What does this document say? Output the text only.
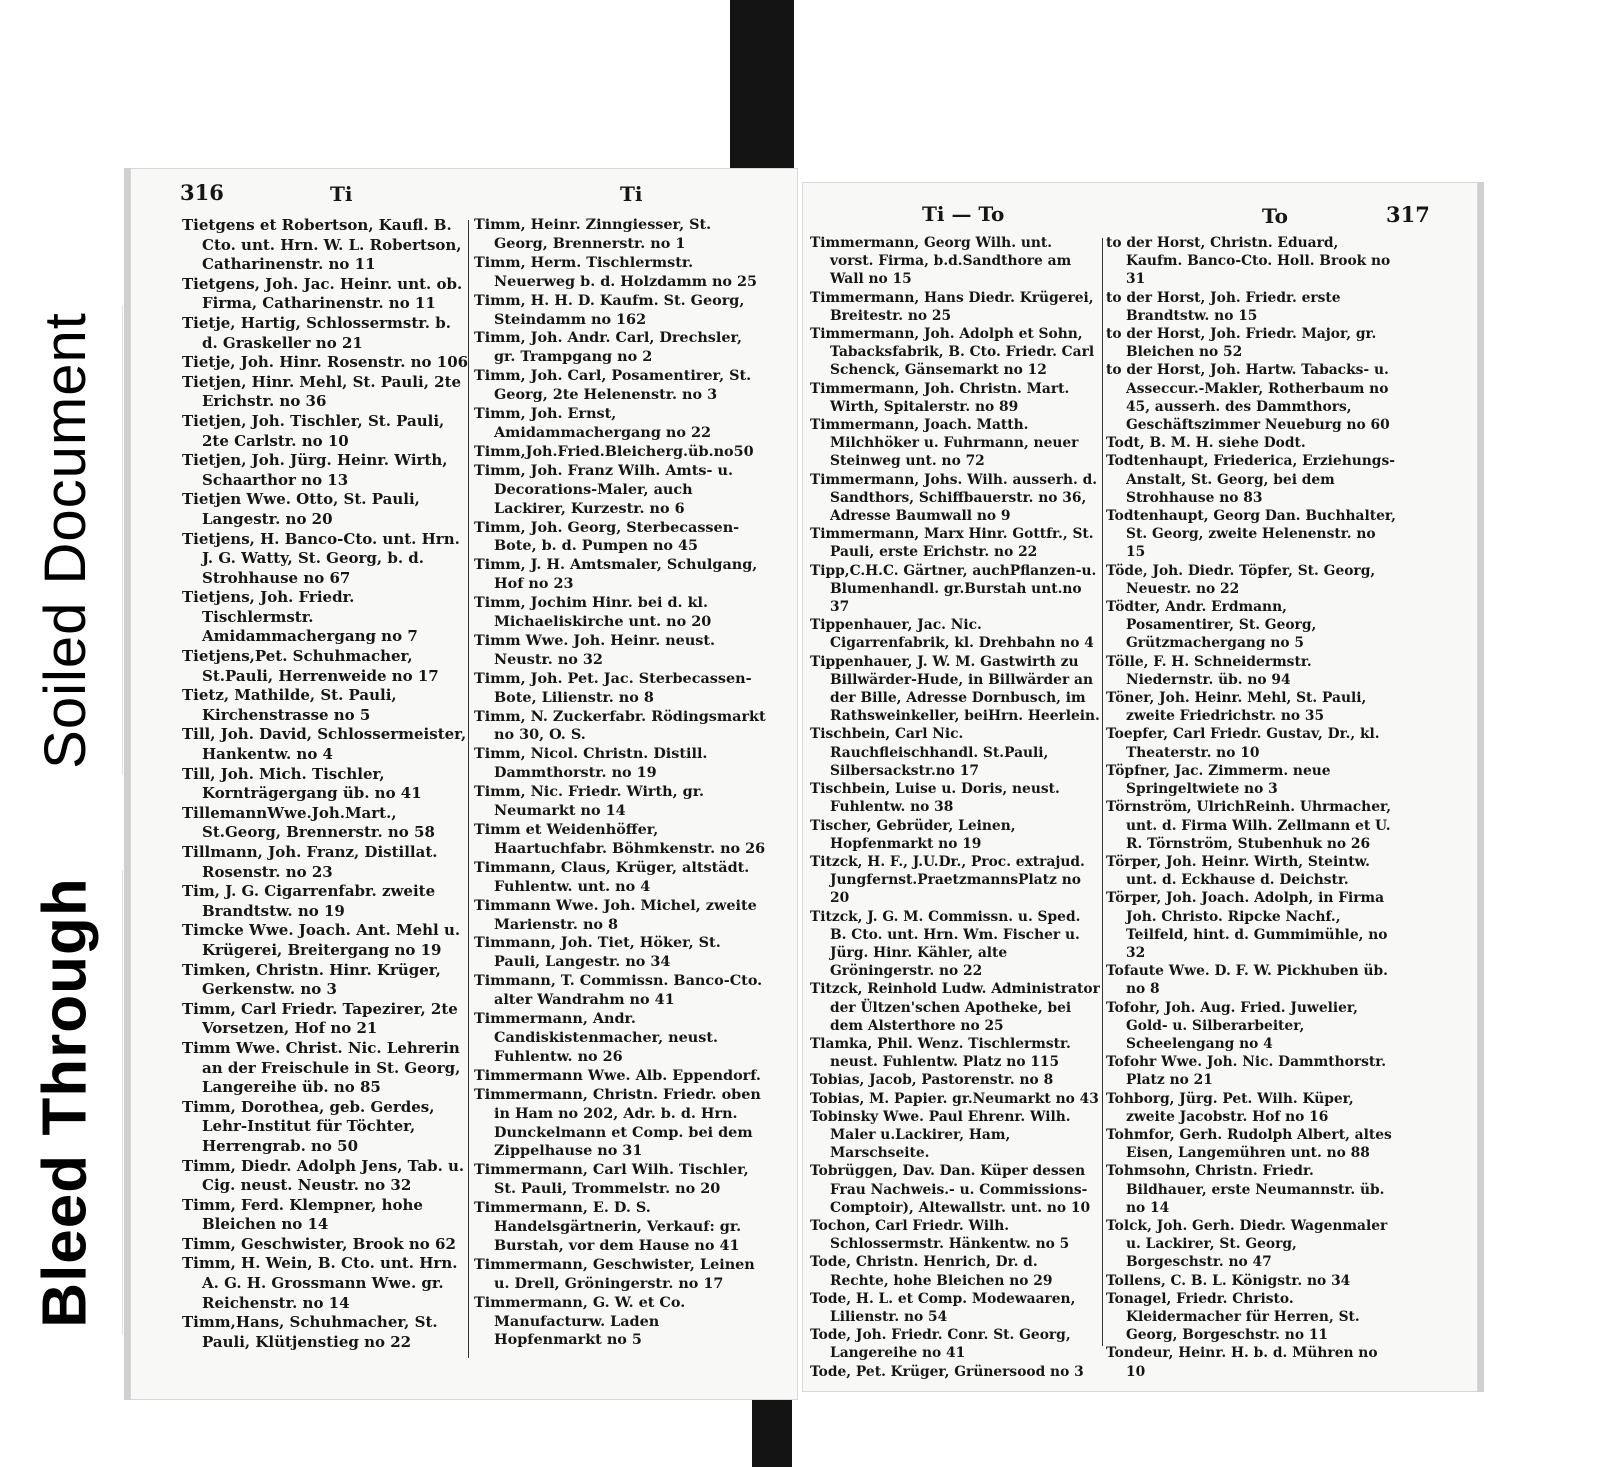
Soiled Document
Bleed Through
316	Ti	Ti

Tietgens et Robertson, Kaufl. B. Cto. unt. Hrn. W. L. Robertson, Catharinenstr. no 11

Tietgens, Joh. Jac. Heinr. unt. ob. Firma, Catharinenstr. no 11

Tietje, Hartig, Schlossermstr. b. d. Graskeller no 21

Tietje, Joh. Hinr. Rosenstr. no 106

Tietjen, Hinr. Mehl, St. Pauli, 2te Erichstr. no 36

Tietjen, Joh. Tischler, St. Pauli, 2te Carlstr. no 10

Tietjen, Joh. Jürg. Heinr. Wirth, Schaarthor no 13

Tietjen Wwe. Otto, St. Pauli, Langestr. no 20

Tietjens, H. Banco-Cto. unt. Hrn. J. G. Watty, St. Georg, b. d. Strohhause no 67

Tietjens, Joh. Friedr. Tischlermstr. Amidammachergang no 7

Tietjens,Pet. Schuhmacher, St.Pauli, Herrenweide no 17

Tietz, Mathilde, St. Pauli, Kirchenstrasse no 5

Till, Joh. David, Schlossermeister, Hankentw. no 4

Till, Joh. Mich. Tischler, Kornträgergang üb. no 41

TillemannWwe.Joh.Mart., St.Georg, Brennerstr. no 58

Tillmann, Joh. Franz, Distillat. Rosenstr. no 23

Tim, J. G. Cigarrenfabr. zweite Brandtstw. no 19

Timcke Wwe. Joach. Ant. Mehl u. Krügerei, Breitergang no 19

Timken, Christn. Hinr. Krüger, Gerkenstw. no 3

Timm, Carl Friedr. Tapezirer, 2te Vorsetzen, Hof no 21

Timm Wwe. Christ. Nic. Lehrerin an der Freischule in St. Georg, Langereihe üb. no 85

Timm, Dorothea, geb. Gerdes, Lehr-Institut für Töchter, Herrengrab. no 50

Timm, Diedr. Adolph Jens, Tab. u. Cig. neust. Neustr. no 32

Timm, Ferd. Klempner, hohe Bleichen no 14

Timm, Geschwister, Brook no 62

Timm, H. Wein, B. Cto. unt. Hrn. A. G. H. Grossmann Wwe. gr. Reichenstr. no 14

Timm,Hans, Schuhmacher, St. Pauli, Klütjenstieg no 22

Timm, Heinr. Zinngiesser, St. Georg, Brennerstr. no 1

Timm, Herm. Tischlermstr. Neuerweg b. d. Holzdamm no 25

Timm, H. H. D. Kaufm. St. Georg, Steindamm no 162

Timm, Joh. Andr. Carl, Drechsler, gr. Trampgang no 2

Timm, Joh. Carl, Posamentirer, St. Georg, 2te Helenenstr. no 3

Timm, Joh. Ernst, Amidammachergang no 22

Timm,Joh.Fried.Bleicherg.üb.no50

Timm, Joh. Franz Wilh. Amts- u. Decorations-Maler, auch Lackirer, Kurzestr. no 6

Timm, Joh. Georg, Sterbecassen-Bote, b. d. Pumpen no 45

Timm, J. H. Amtsmaler, Schulgang, Hof no 23

Timm, Jochim Hinr. bei d. kl. Michaeliskirche unt. no 20

Timm Wwe. Joh. Heinr. neust. Neustr. no 32

Timm, Joh. Pet. Jac. Sterbecassen-Bote, Lilienstr. no 8

Timm, N. Zuckerfabr. Rödingsmarkt no 30, O. S.

Timm, Nicol. Christn. Distill. Dammthorstr. no 19

Timm, Nic. Friedr. Wirth, gr. Neumarkt no 14

Timm et Weidenhöffer, Haartuchfabr. Böhmkenstr. no 26

Timmann, Claus, Krüger, altstädt. Fuhlentw. unt. no 4

Timmann Wwe. Joh. Michel, zweite Marienstr. no 8

Timmann, Joh. Tiet, Höker, St. Pauli, Langestr. no 34

Timmann, T. Commissn. Banco-Cto. alter Wandrahm no 41

Timmermann, Andr. Candiskistenmacher, neust. Fuhlentw. no 26

Timmermann Wwe. Alb. Eppendorf.

Timmermann, Christn. Friedr. oben in Ham no 202, Adr. b. d. Hrn. Dunckelmann et Comp. bei dem Zippelhause no 31

Timmermann, Carl Wilh. Tischler, St. Pauli, Trommelstr. no 20

Timmermann, E. D. S. Handelsgärtnerin, Verkauf: gr. Burstah, vor dem Hause no 41

Timmermann, Geschwister, Leinen u. Drell, Gröningerstr. no 17

Timmermann, G. W. et Co. Manufacturw. Laden Hopfenmarkt no 5

Ti — To	To	317

Timmermann, Georg Wilh. unt. vorst. Firma, b.d.Sandthore am Wall no 15

Timmermann, Hans Diedr. Krügerei, Breitestr. no 25

Timmermann, Joh. Adolph et Sohn, Tabacksfabrik, B. Cto. Friedr. Carl Schenck, Gänsemarkt no 12

Timmermann, Joh. Christn. Mart. Wirth, Spitalerstr. no 89

Timmermann, Joach. Matth. Milchhöker u. Fuhrmann, neuer Steinweg unt. no 72

Timmermann, Johs. Wilh. ausserh. d. Sandthors, Schiffbauerstr. no 36, Adresse Baumwall no 9

Timmermann, Marx Hinr. Gottfr., St. Pauli, erste Erichstr. no 22

Tipp,C.H.C. Gärtner, auchPflanzen-u. Blumenhandl. gr.Burstah unt.no 37

Tippenhauer, Jac. Nic. Cigarrenfabrik, kl. Drehbahn no 4

Tippenhauer, J. W. M. Gastwirth zu Billwärder-Hude, in Billwärder an der Bille, Adresse Dornbusch, im Rathsweinkeller, beiHrn. Heerlein.

Tischbein, Carl Nic. Rauchfleischhandl. St.Pauli, Silbersackstr.no 17

Tischbein, Luise u. Doris, neust. Fuhlentw. no 38

Tischer, Gebrüder, Leinen, Hopfenmarkt no 19

Titzck, H. F., J.U.Dr., Proc. extrajud. Jungfernst.PraetzmannsPlatz no 20

Titzck, J. G. M. Commissn. u. Sped. B. Cto. unt. Hrn. Wm. Fischer u. Jürg. Hinr. Kähler, alte Gröningerstr. no 22

Titzck, Reinhold Ludw. Administrator der Ültzen'schen Apotheke, bei dem Alsterthore no 25

Tlamka, Phil. Wenz. Tischlermstr. neust. Fuhlentw. Platz no 115

Tobias, Jacob, Pastorenstr. no 8

Tobias, M. Papier. gr.Neumarkt no 43

Tobinsky Wwe. Paul Ehrenr. Wilh. Maler u.Lackirer, Ham, Marschseite.

Tobrüggen, Dav. Dan. Küper dessen Frau Nachweis.- u. Commissions-Comptoir), Altewallstr. unt. no 10

Tochon, Carl Friedr. Wilh. Schlossermstr. Hänkentw. no 5

Tode, Christn. Henrich, Dr. d. Rechte, hohe Bleichen no 29

Tode, H. L. et Comp. Modewaaren, Lilienstr. no 54

Tode, Joh. Friedr. Conr. St. Georg, Langereihe no 41

Tode, Pet. Krüger, Grünersood no 3

to der Horst, Christn. Eduard, Kaufm. Banco-Cto. Holl. Brook no 31

to der Horst, Joh. Friedr. erste Brandtstw. no 15

to der Horst, Joh. Friedr. Major, gr. Bleichen no 52

to der Horst, Joh. Hartw. Tabacks- u. Asseccur.-Makler, Rotherbaum no 45, ausserh. des Dammthors, Geschäftszimmer Neueburg no 60

Todt, B. M. H. siehe Dodt.

Todtenhaupt, Friederica, Erziehungs-Anstalt, St. Georg, bei dem Strohhause no 83

Todtenhaupt, Georg Dan. Buchhalter, St. Georg, zweite Helenenstr. no 15

Töde, Joh. Diedr. Töpfer, St. Georg, Neuestr. no 22

Tödter, Andr. Erdmann, Posamentirer, St. Georg, Grützmachergang no 5

Tölle, F. H. Schneidermstr. Niedernstr. üb. no 94

Töner, Joh. Heinr. Mehl, St. Pauli, zweite Friedrichstr. no 35

Toepfer, Carl Friedr. Gustav, Dr., kl. Theaterstr. no 10

Töpfner, Jac. Zimmerm. neue Springeltwiete no 3

Törnström, UlrichReinh. Uhrmacher, unt. d. Firma Wilh. Zellmann et U. R. Törnström, Stubenhuk no 26

Törper, Joh. Heinr. Wirth, Steintw. unt. d. Eckhause d. Deichstr.

Törper, Joh. Joach. Adolph, in Firma Joh. Christo. Ripcke Nachf., Teilfeld, hint. d. Gummimühle, no 32

Tofaute Wwe. D. F. W. Pickhuben üb. no 8

Tofohr, Joh. Aug. Fried. Juwelier, Gold- u. Silberarbeiter, Scheelengang no 4

Tofohr Wwe. Joh. Nic. Dammthorstr. Platz no 21

Tohborg, Jürg. Pet. Wilh. Küper, zweite Jacobstr. Hof no 16

Tohmfor, Gerh. Rudolph Albert, altes Eisen, Langemühren unt. no 88

Tohmsohn, Christn. Friedr. Bildhauer, erste Neumannstr. üb. no 14

Tolck, Joh. Gerh. Diedr. Wagenmaler u. Lackirer, St. Georg, Borgeschstr. no 47

Tollens, C. B. L. Königstr. no 34

Tonagel, Friedr. Christo. Kleidermacher für Herren, St. Georg, Borgeschstr. no 11

Tondeur, Heinr. H. b. d. Mühren no 10
